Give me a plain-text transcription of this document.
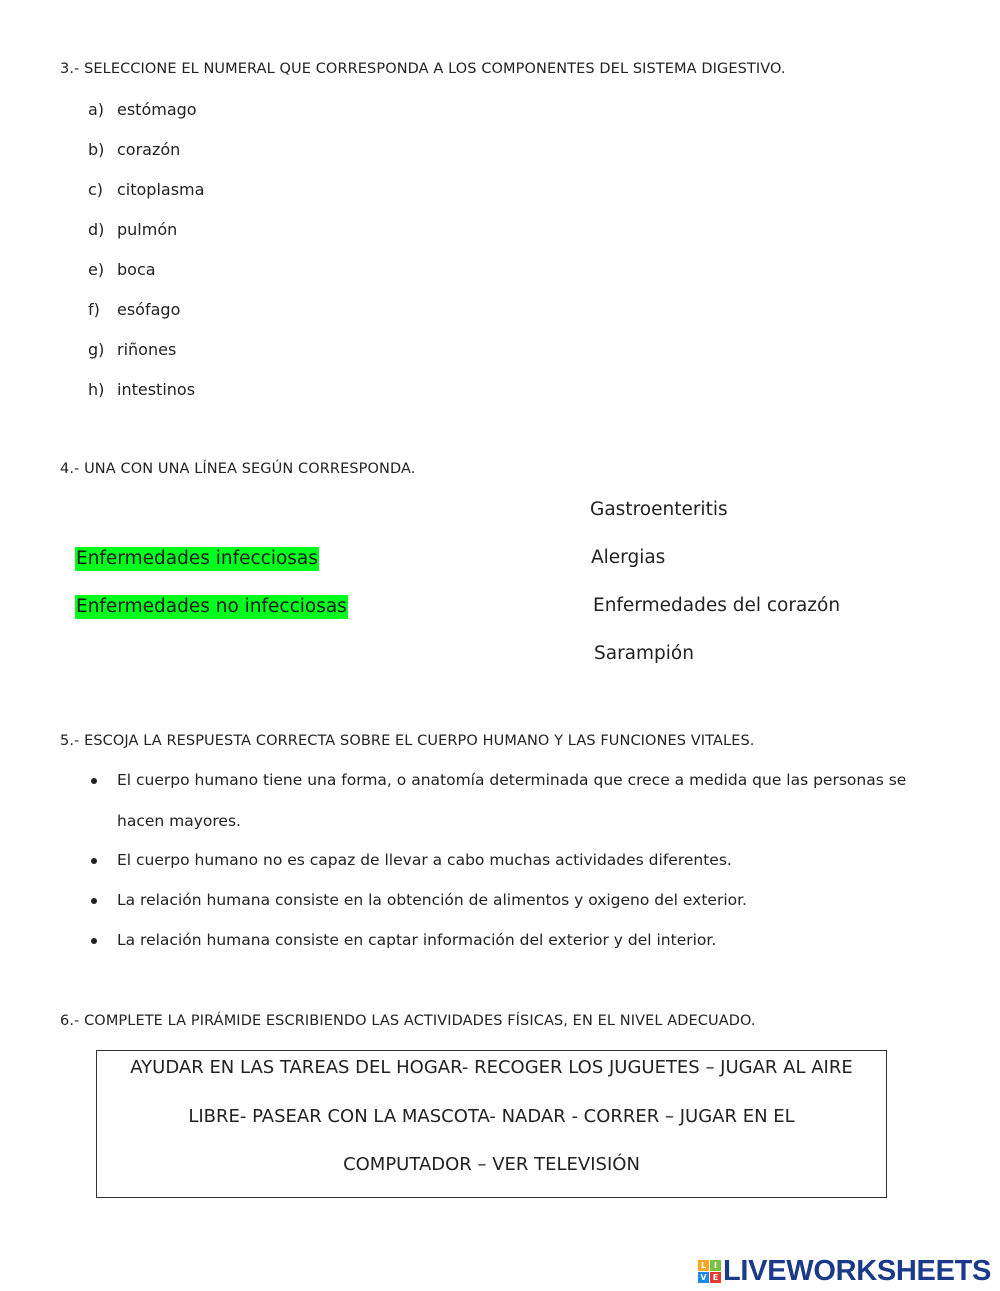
3.- SELECCIONE EL NUMERAL QUE CORRESPONDA A LOS COMPONENTES DEL SISTEMA DIGESTIVO.
a) estómago
b) corazón
c) citoplasma
d) pulmón
e) boca
f) esófago
g) riñones
h) intestinos
4.- UNA CON UNA LÍNEA SEGÚN CORRESPONDA.
Enfermedades infecciosas
Enfermedades no infecciosas
Gastroenteritis
Alergias
Enfermedades del corazón
Sarampión
5.- ESCOJA LA RESPUESTA CORRECTA SOBRE EL CUERPO HUMANO Y LAS FUNCIONES VITALES.
El cuerpo humano tiene una forma, o anatomía determinada que crece a medida que las personas se
hacen mayores.
El cuerpo humano no es capaz de llevar a cabo muchas actividades diferentes.
La relación humana consiste en la obtención de alimentos y oxigeno del exterior.
La relación humana consiste en captar información del exterior y del interior.
6.- COMPLETE LA PIRÁMIDE ESCRIBIENDO LAS ACTIVIDADES FÍSICAS, EN EL NIVEL ADECUADO.
AYUDAR EN LAS TAREAS DEL HOGAR- RECOGER LOS JUGUETES – JUGAR AL AIRE
LIBRE- PASEAR CON LA MASCOTA- NADAR - CORRER – JUGAR EN EL
COMPUTADOR – VER TELEVISIÓN
L I
V E LIVEWORKSHEETS
